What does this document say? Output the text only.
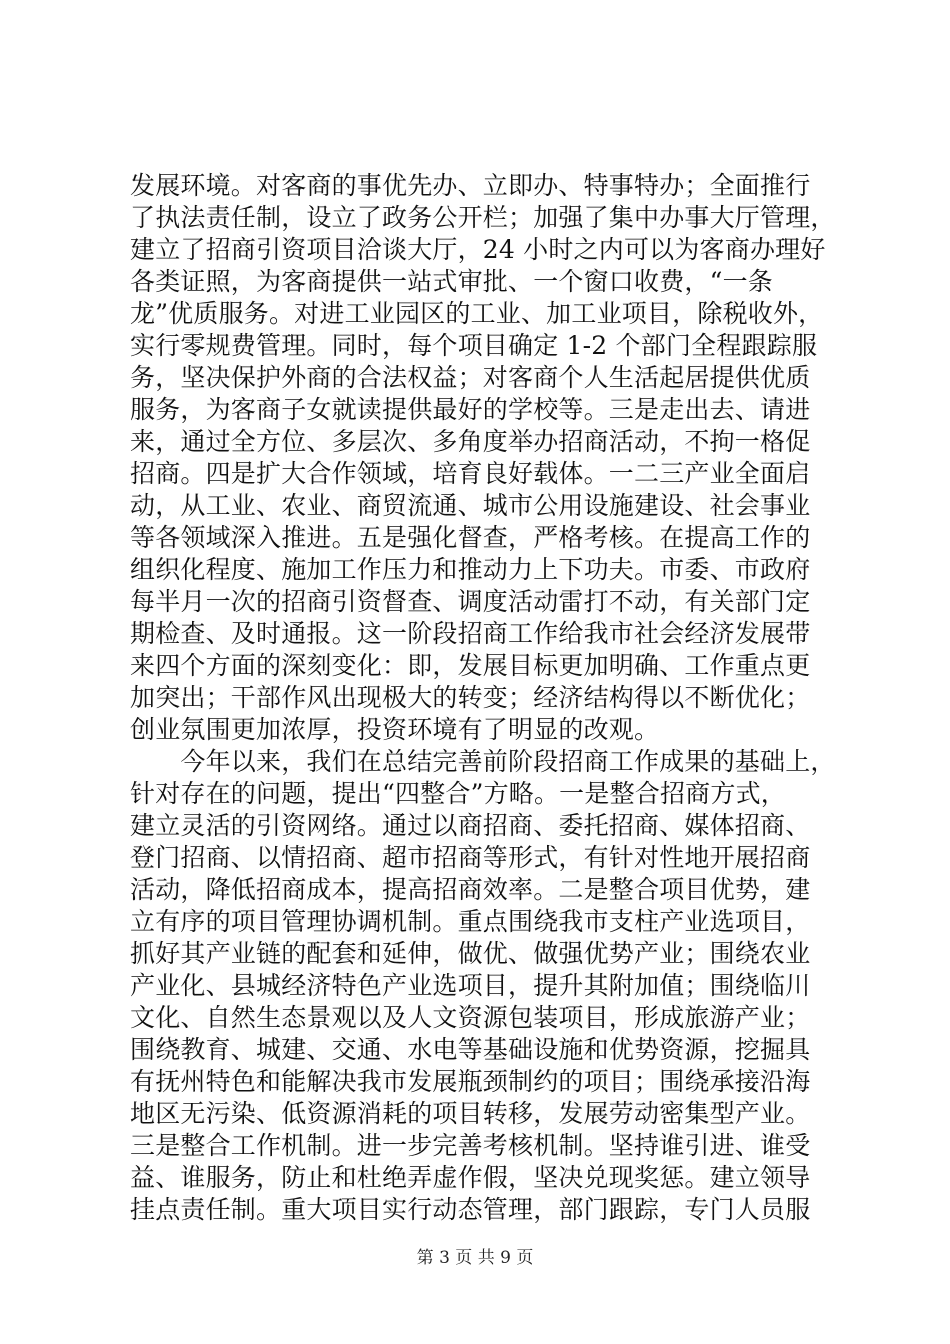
发展环境。对客商的事优先办、立即办、特事特办；全面推行
了执法责任制，设立了政务公开栏；加强了集中办事大厅管理，
建立了招商引资项目洽谈大厅，24 小时之内可以为客商办理好
各类证照，为客商提供一站式审批、一个窗口收费，“一条
龙”优质服务。对进工业园区的工业、加工业项目，除税收外，
实行零规费管理。同时，每个项目确定 1-2 个部门全程跟踪服
务，坚决保护外商的合法权益；对客商个人生活起居提供优质
服务，为客商子女就读提供最好的学校等。三是走出去、请进
来，通过全方位、多层次、多角度举办招商活动，不拘一格促
招商。四是扩大合作领域，培育良好载体。一二三产业全面启
动，从工业、农业、商贸流通、城市公用设施建设、社会事业
等各领域深入推进。五是强化督查，严格考核。在提高工作的
组织化程度、施加工作压力和推动力上下功夫。市委、市政府
每半月一次的招商引资督查、调度活动雷打不动，有关部门定
期检查、及时通报。这一阶段招商工作给我市社会经济发展带
来四个方面的深刻变化：即，发展目标更加明确、工作重点更
加突出；干部作风出现极大的转变；经济结构得以不断优化；
创业氛围更加浓厚，投资环境有了明显的改观。
　　今年以来，我们在总结完善前阶段招商工作成果的基础上，
针对存在的问题，提出“四整合”方略。一是整合招商方式，
建立灵活的引资网络。通过以商招商、委托招商、媒体招商、
登门招商、以情招商、超市招商等形式，有针对性地开展招商
活动，降低招商成本，提高招商效率。二是整合项目优势，建
立有序的项目管理协调机制。重点围绕我市支柱产业选项目，
抓好其产业链的配套和延伸，做优、做强优势产业；围绕农业
产业化、县城经济特色产业选项目，提升其附加值；围绕临川
文化、自然生态景观以及人文资源包装项目，形成旅游产业；
围绕教育、城建、交通、水电等基础设施和优势资源，挖掘具
有抚州特色和能解决我市发展瓶颈制约的项目；围绕承接沿海
地区无污染、低资源消耗的项目转移，发展劳动密集型产业。
三是整合工作机制。进一步完善考核机制。坚持谁引进、谁受
益、谁服务，防止和杜绝弄虚作假，坚决兑现奖惩。建立领导
挂点责任制。重大项目实行动态管理，部门跟踪，专门人员服
第 3 页 共 9 页
